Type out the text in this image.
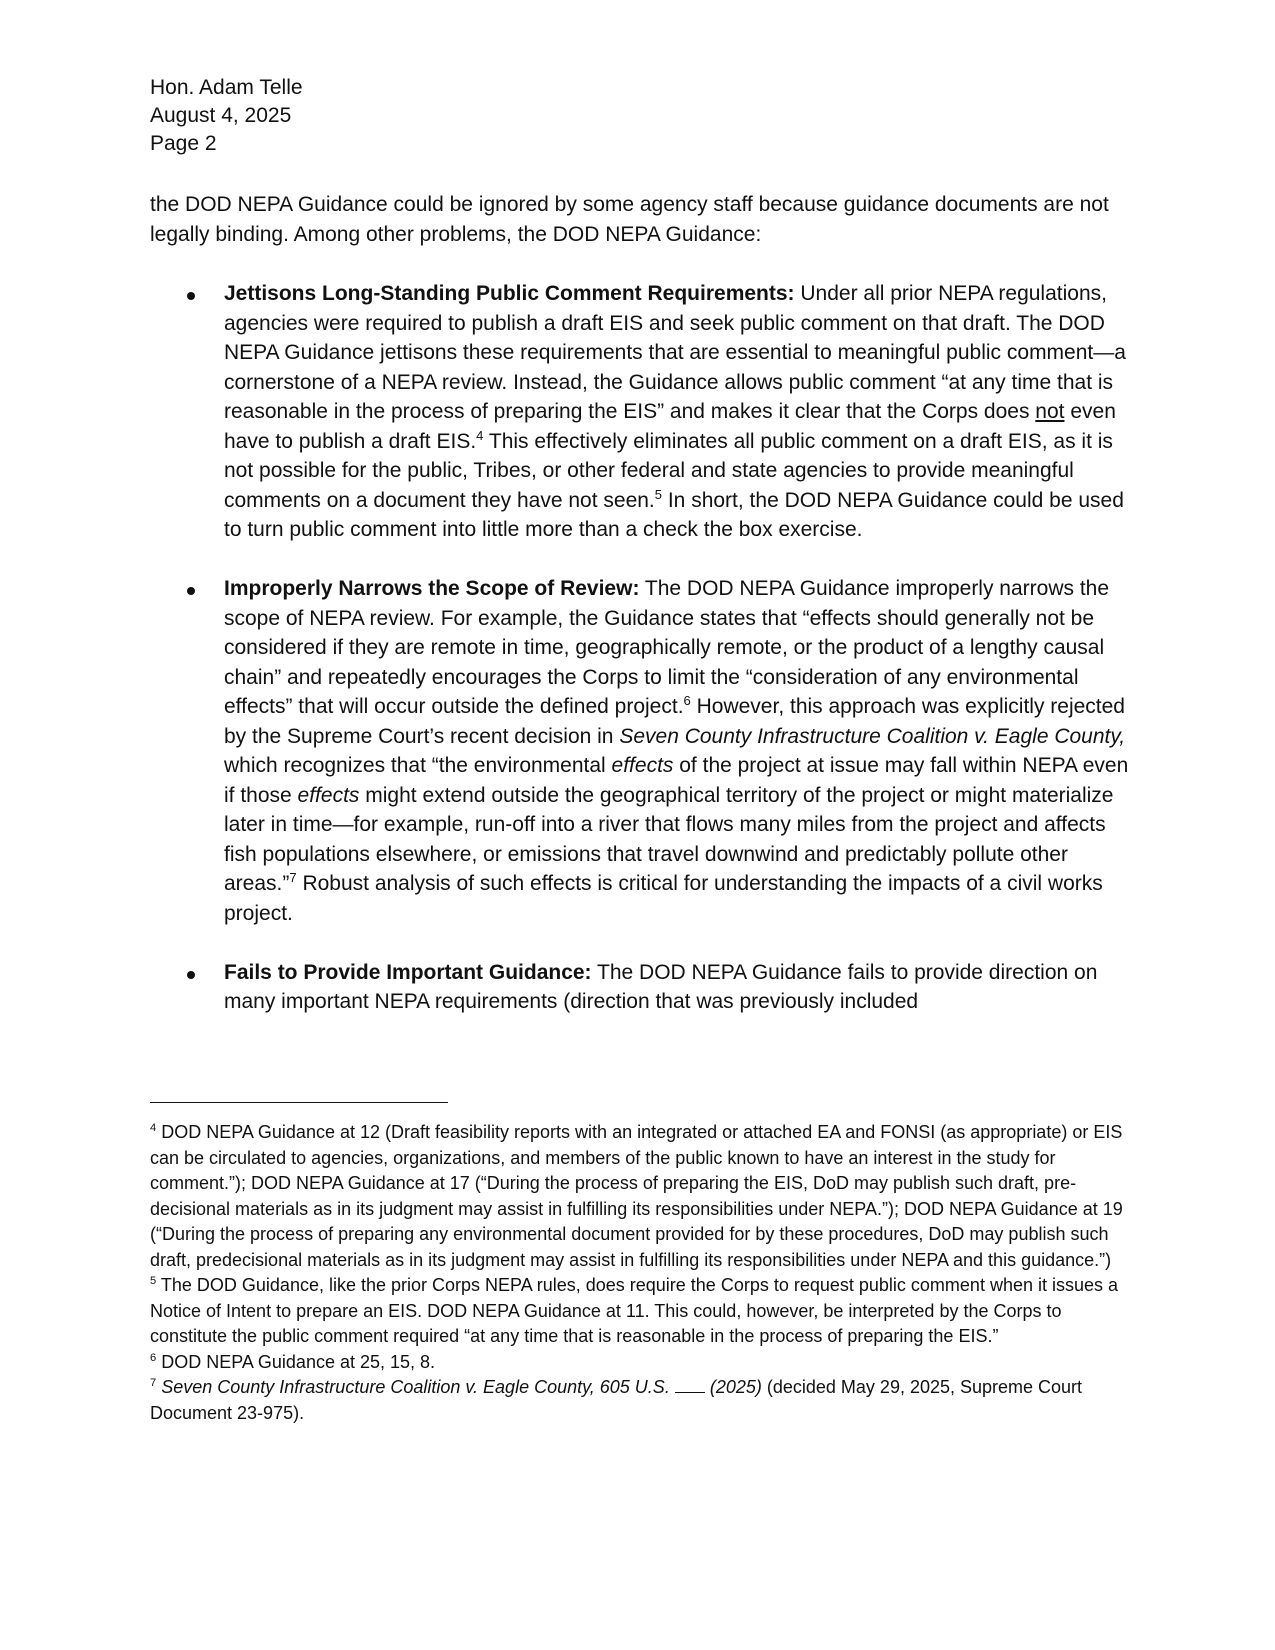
Hon. Adam Telle
August 4, 2025
Page 2
the DOD NEPA Guidance could be ignored by some agency staff because guidance documents are not legally binding. Among other problems, the DOD NEPA Guidance:
Jettisons Long-Standing Public Comment Requirements: Under all prior NEPA regulations, agencies were required to publish a draft EIS and seek public comment on that draft. The DOD NEPA Guidance jettisons these requirements that are essential to meaningful public comment—a cornerstone of a NEPA review. Instead, the Guidance allows public comment “at any time that is reasonable in the process of preparing the EIS” and makes it clear that the Corps does not even have to publish a draft EIS.$^4$ This effectively eliminates all public comment on a draft EIS, as it is not possible for the public, Tribes, or other federal and state agencies to provide meaningful comments on a document they have not seen.$^5$ In short, the DOD NEPA Guidance could be used to turn public comment into little more than a check the box exercise.
Improperly Narrows the Scope of Review: The DOD NEPA Guidance improperly narrows the scope of NEPA review. For example, the Guidance states that “effects should generally not be considered if they are remote in time, geographically remote, or the product of a lengthy causal chain” and repeatedly encourages the Corps to limit the “consideration of any environmental effects” that will occur outside the defined project.$^6$ However, this approach was explicitly rejected by the Supreme Court’s recent decision in Seven County Infrastructure Coalition v. Eagle County, which recognizes that “the environmental effects of the project at issue may fall within NEPA even if those effects might extend outside the geographical territory of the project or might materialize later in time—for example, run-off into a river that flows many miles from the project and affects fish populations elsewhere, or emissions that travel downwind and predictably pollute other areas.”$^7$ Robust analysis of such effects is critical for understanding the impacts of a civil works project.
Fails to Provide Important Guidance: The DOD NEPA Guidance fails to provide direction on many important NEPA requirements (direction that was previously included

$^4$ DOD NEPA Guidance at 12 (Draft feasibility reports with an integrated or attached EA and FONSI (as appropriate) or EIS can be circulated to agencies, organizations, and members of the public known to have an interest in the study for comment.”); DOD NEPA Guidance at 17 (“During the process of preparing the EIS, DoD may publish such draft, pre-decisional materials as in its judgment may assist in fulfilling its responsibilities under NEPA.”); DOD NEPA Guidance at 19 (“During the process of preparing any environmental document provided for by these procedures, DoD may publish such draft, predecisional materials as in its judgment may assist in fulfilling its responsibilities under NEPA and this guidance.”)

$^5$ The DOD Guidance, like the prior Corps NEPA rules, does require the Corps to request public comment when it issues a Notice of Intent to prepare an EIS. DOD NEPA Guidance at 11. This could, however, be interpreted by the Corps to constitute the public comment required “at any time that is reasonable in the process of preparing the EIS.”

$^6$ DOD NEPA Guidance at 25, 15, 8.

$^7$ Seven County Infrastructure Coalition v. Eagle County, 605 U.S.  (2025) (decided May 29, 2025, Supreme Court Document 23-975).
